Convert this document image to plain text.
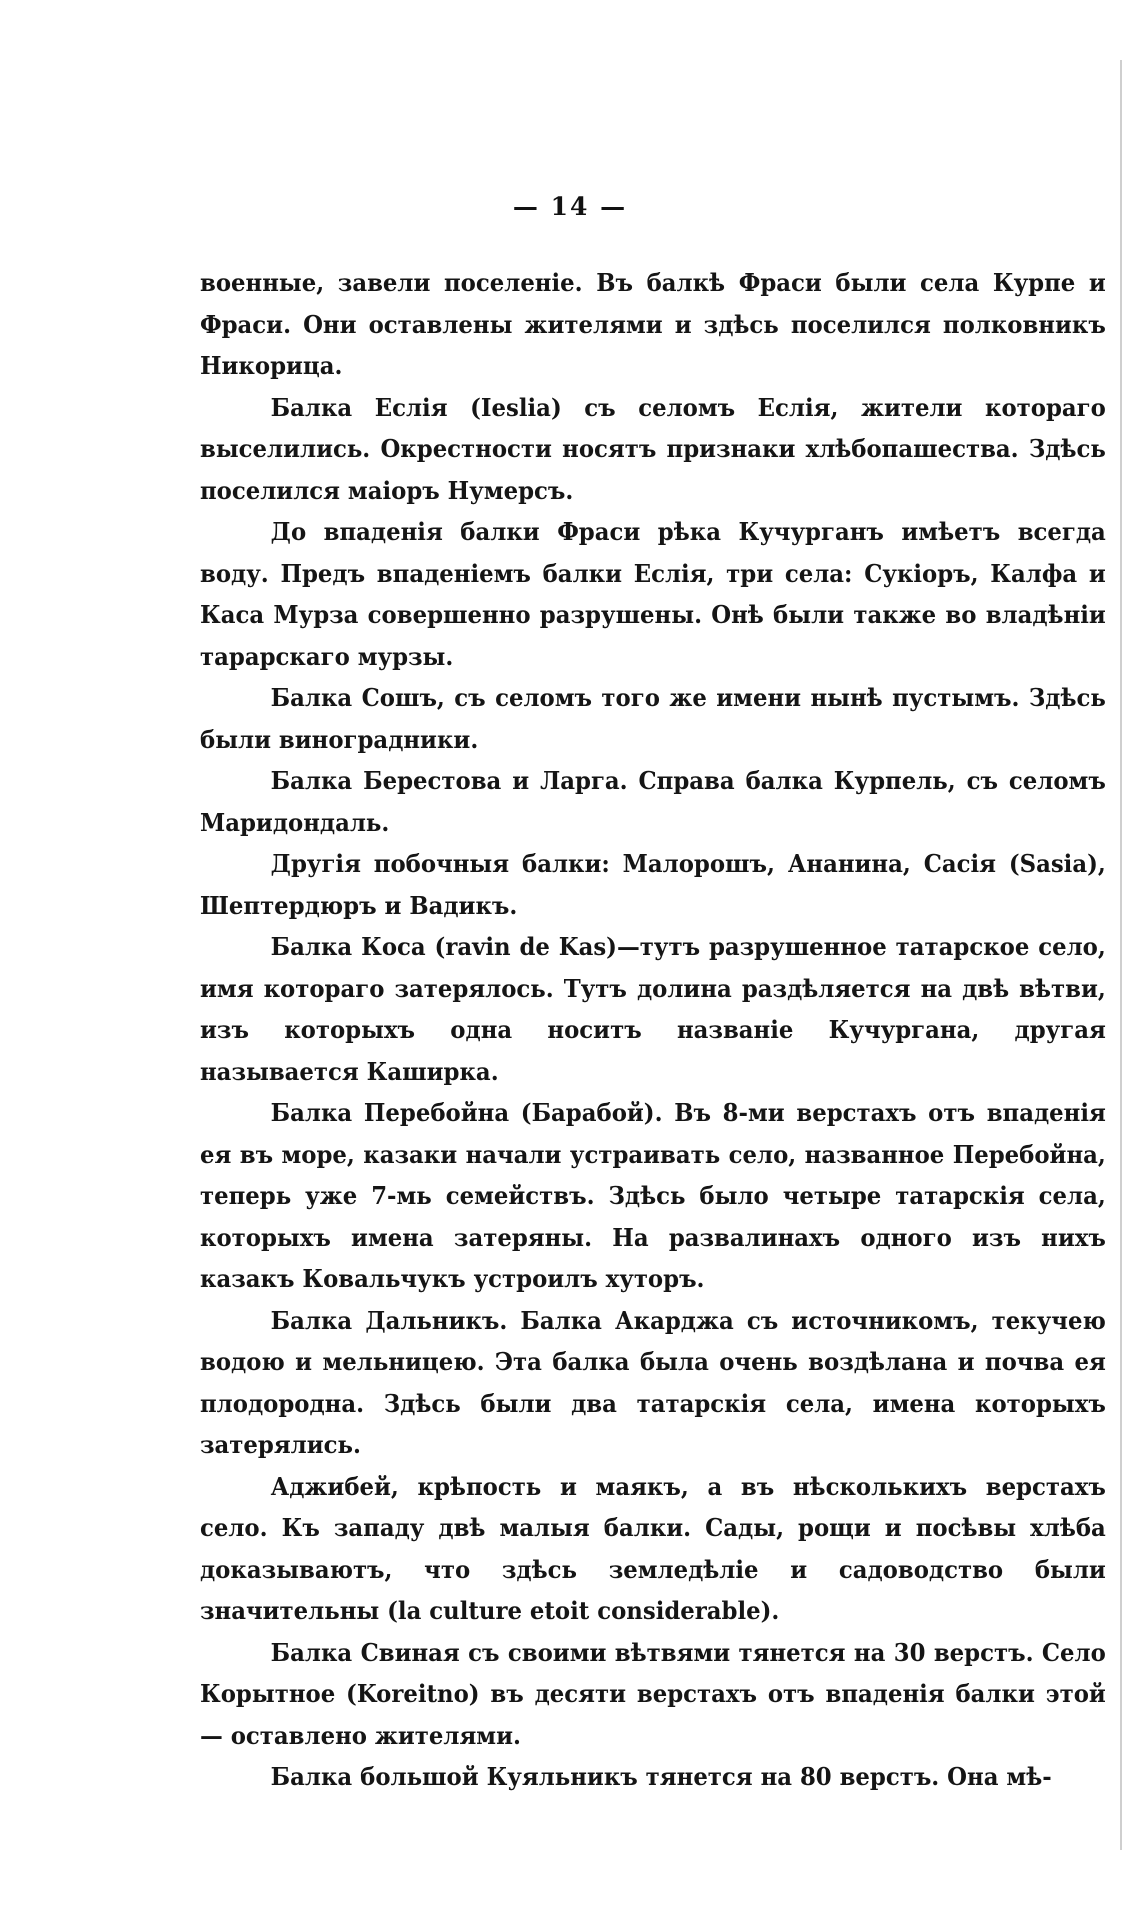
— 14 —

военные, завели поселеніе. Въ балкѣ Фраси были села Курпе и Фраси. Они оставлены жителями и здѣсь поселился полковникъ Никорица.

Балка Еслія (Iеslia) съ селомъ Еслія, жители котораго выселились. Окрестности носятъ признаки хлѣбопашества. Здѣсь поселился маіоръ Нумерсъ.

До впаденія балки Фраси рѣка Кучурганъ имѣетъ всегда воду. Предъ впаденіемъ балки Еслія, три села: Сукіоръ, Калфа и Каса Мурза совершенно разрушены. Онѣ были также во владѣніи тарарскаго мурзы.

Балка Сошъ, съ селомъ того же имени нынѣ пустымъ. Здѣсь были виноградники.

Балка Берестова и Ларга. Справа балка Курпель, съ селомъ Маридондаль.

Другія побочныя балки: Малорошъ, Ананина, Сасія (Sasia), Шептердюръ и Вадикъ.

Балка Коса (ravin de Kas)—тутъ разрушенное татарское село, имя котораго затерялось. Тутъ долина раздѣляется на двѣ вѣтви, изъ которыхъ одна носитъ названіе Кучургана, другая называется Каширка.

Балка Перебойна (Барабой). Въ 8-ми верстахъ отъ впаденія ея въ море, казаки начали устраивать село, названное Перебойна, теперь уже 7-мь семействъ. Здѣсь было четыре татарскія села, которыхъ имена затеряны. На развалинахъ одного изъ нихъ казакъ Ковальчукъ устроилъ хуторъ.

Балка Дальникъ. Балка Акарджа съ источникомъ, текучею водою и мельницею. Эта балка была очень воздѣлана и почва ея плодородна. Здѣсь были два татарскія села, имена которыхъ затерялись.

Аджибей, крѣпость и маякъ, а въ нѣсколькихъ верстахъ село. Къ западу двѣ малыя балки. Сады, рощи и посѣвы хлѣба доказываютъ, что здѣсь земледѣліе и садоводство были значительны (la culture etoit considerable).

Балка Свиная съ своими вѣтвями тянется на 30 верстъ. Село Корытное (Koreitno) въ десяти верстахъ отъ впаденія балки этой — оставлено жителями.

Балка большой Куяльникъ тянется на 80 верстъ. Она мѣ-
